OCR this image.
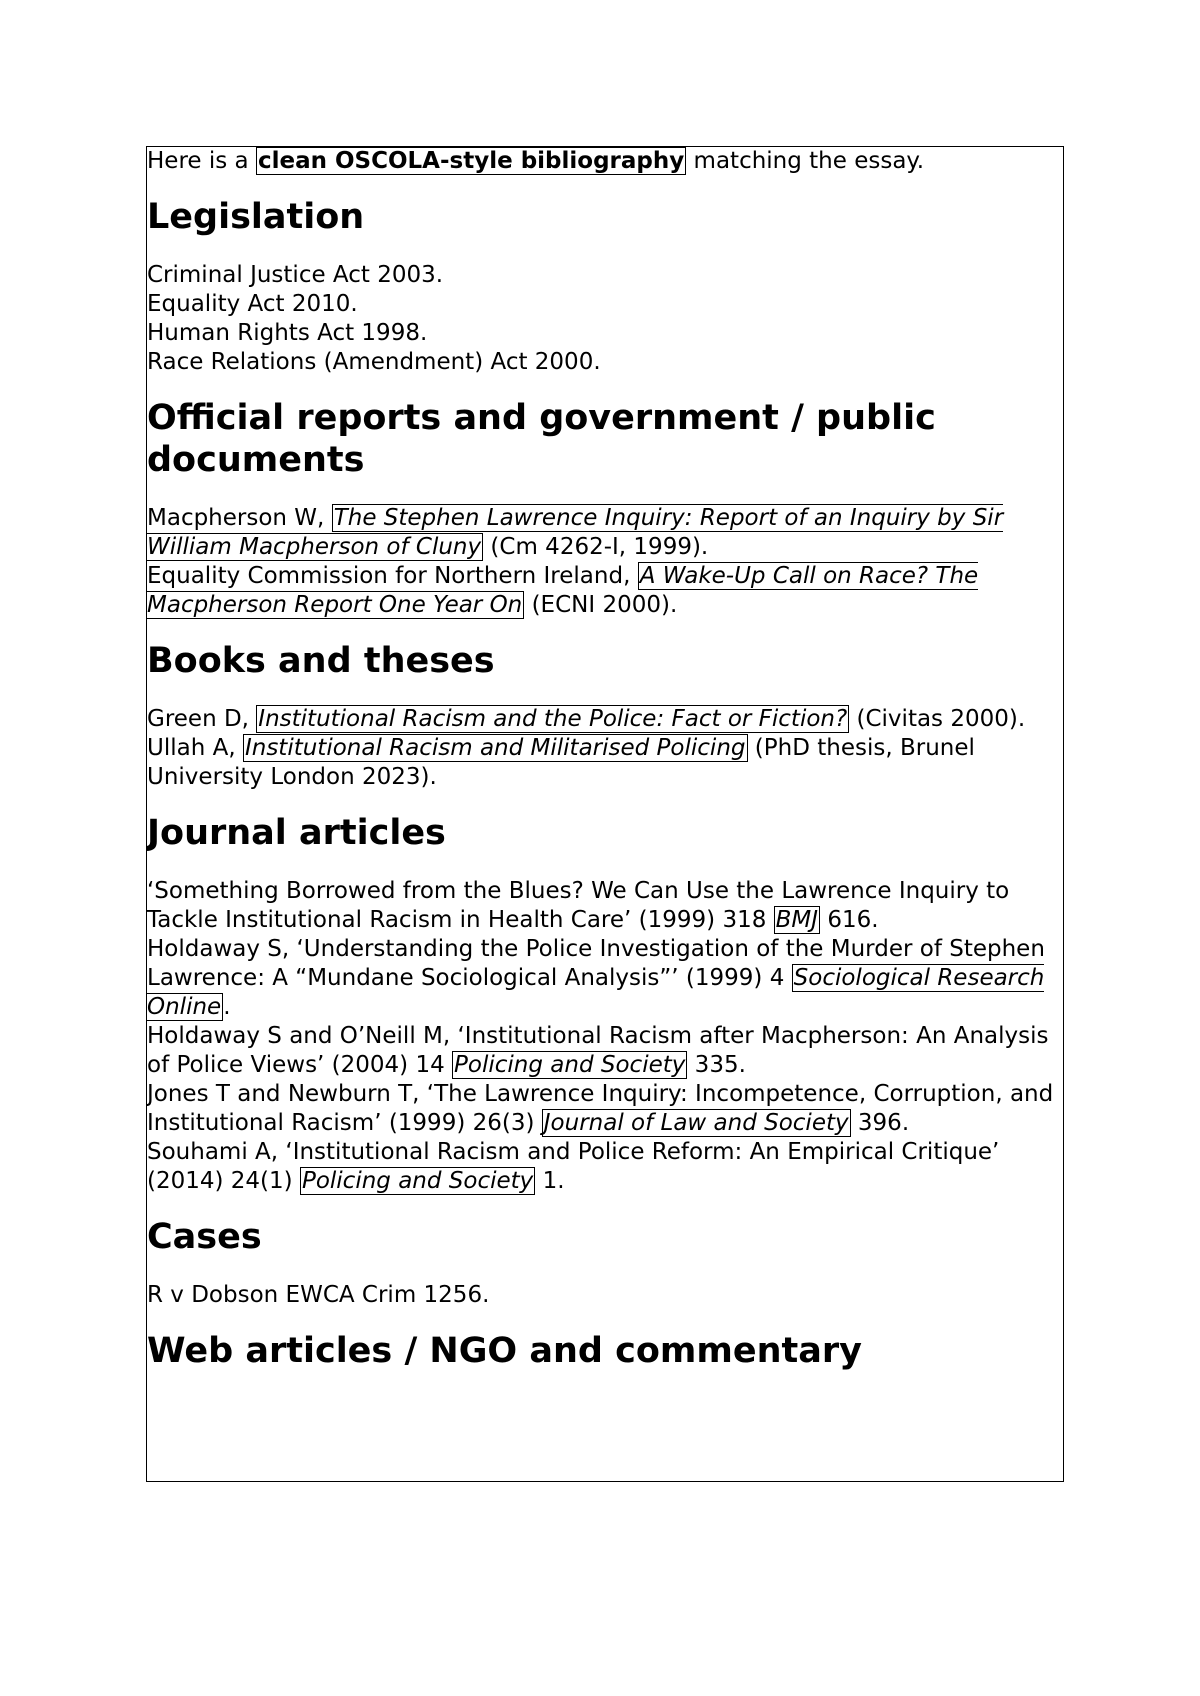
Here is a clean OSCOLA-style bibliography matching the essay.

Legislation

Criminal Justice Act 2003.
Equality Act 2010.
Human Rights Act 1998.
Race Relations (Amendment) Act 2000.

Official reports and government / public documents

Macpherson W, The Stephen Lawrence Inquiry: Report of an Inquiry by Sir William Macpherson of Cluny (Cm 4262-I, 1999).
Equality Commission for Northern Ireland, A Wake-Up Call on Race? The Macpherson Report One Year On (ECNI 2000).

Books and theses

Green D, Institutional Racism and the Police: Fact or Fiction? (Civitas 2000).
Ullah A, Institutional Racism and Militarised Policing (PhD thesis, Brunel University London 2023).

Journal articles

‘Something Borrowed from the Blues? We Can Use the Lawrence Inquiry to Tackle Institutional Racism in Health Care’ (1999) 318 BMJ 616.
Holdaway S, ‘Understanding the Police Investigation of the Murder of Stephen Lawrence: A “Mundane Sociological Analysis”’ (1999) 4 Sociological Research Online.
Holdaway S and O’Neill M, ‘Institutional Racism after Macpherson: An Analysis of Police Views’ (2004) 14 Policing and Society 335.
Jones T and Newburn T, ‘The Lawrence Inquiry: Incompetence, Corruption, and Institutional Racism’ (1999) 26(3) Journal of Law and Society 396.
Souhami A, ‘Institutional Racism and Police Reform: An Empirical Critique’ (2014) 24(1) Policing and Society 1.

Cases

R v Dobson EWCA Crim 1256.

Web articles / NGO and commentary
